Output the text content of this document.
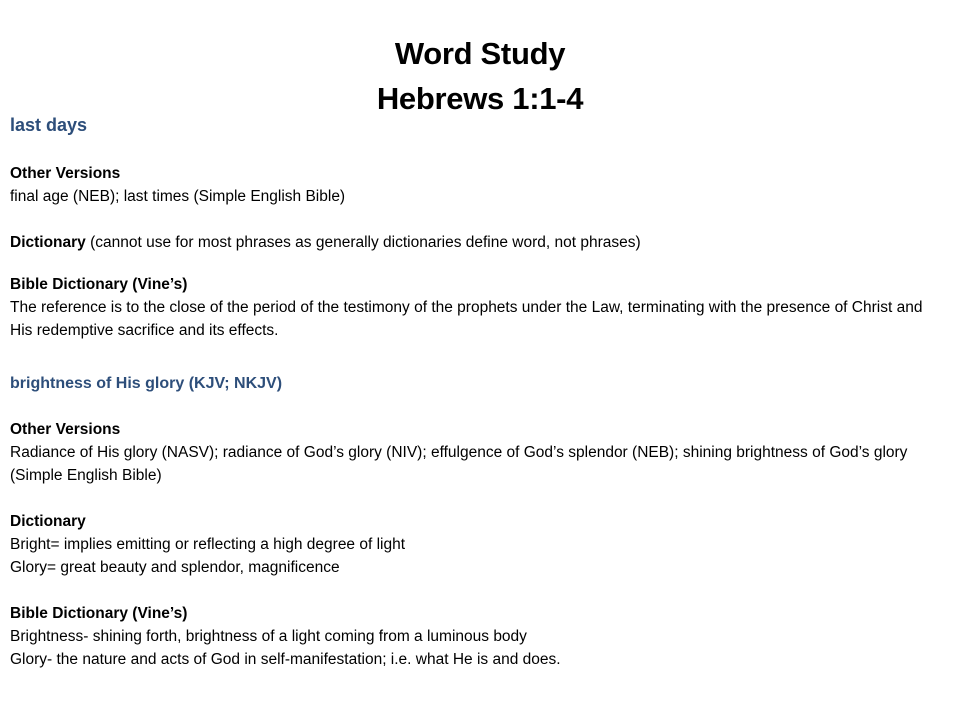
Word Study
Hebrews 1:1-4
last days
Other Versions
final age (NEB); last times (Simple English Bible)
Dictionary (cannot use for most phrases as generally dictionaries define word, not phrases)
Bible Dictionary (Vine’s)
The reference is to the close of the period of the testimony of the prophets under the Law, terminating with the presence of Christ and His redemptive sacrifice and its effects.
brightness of His glory (KJV; NKJV)
Other Versions
Radiance of His glory (NASV); radiance of God’s glory (NIV); effulgence of God’s splendor (NEB); shining brightness of God’s glory (Simple English Bible)
Dictionary
Bright= implies emitting or reflecting a high degree of light
Glory= great beauty and splendor, magnificence
Bible Dictionary (Vine’s)
Brightness- shining forth, brightness of a light coming from a luminous body
Glory- the nature and acts of God in self-manifestation; i.e. what He is and does.
